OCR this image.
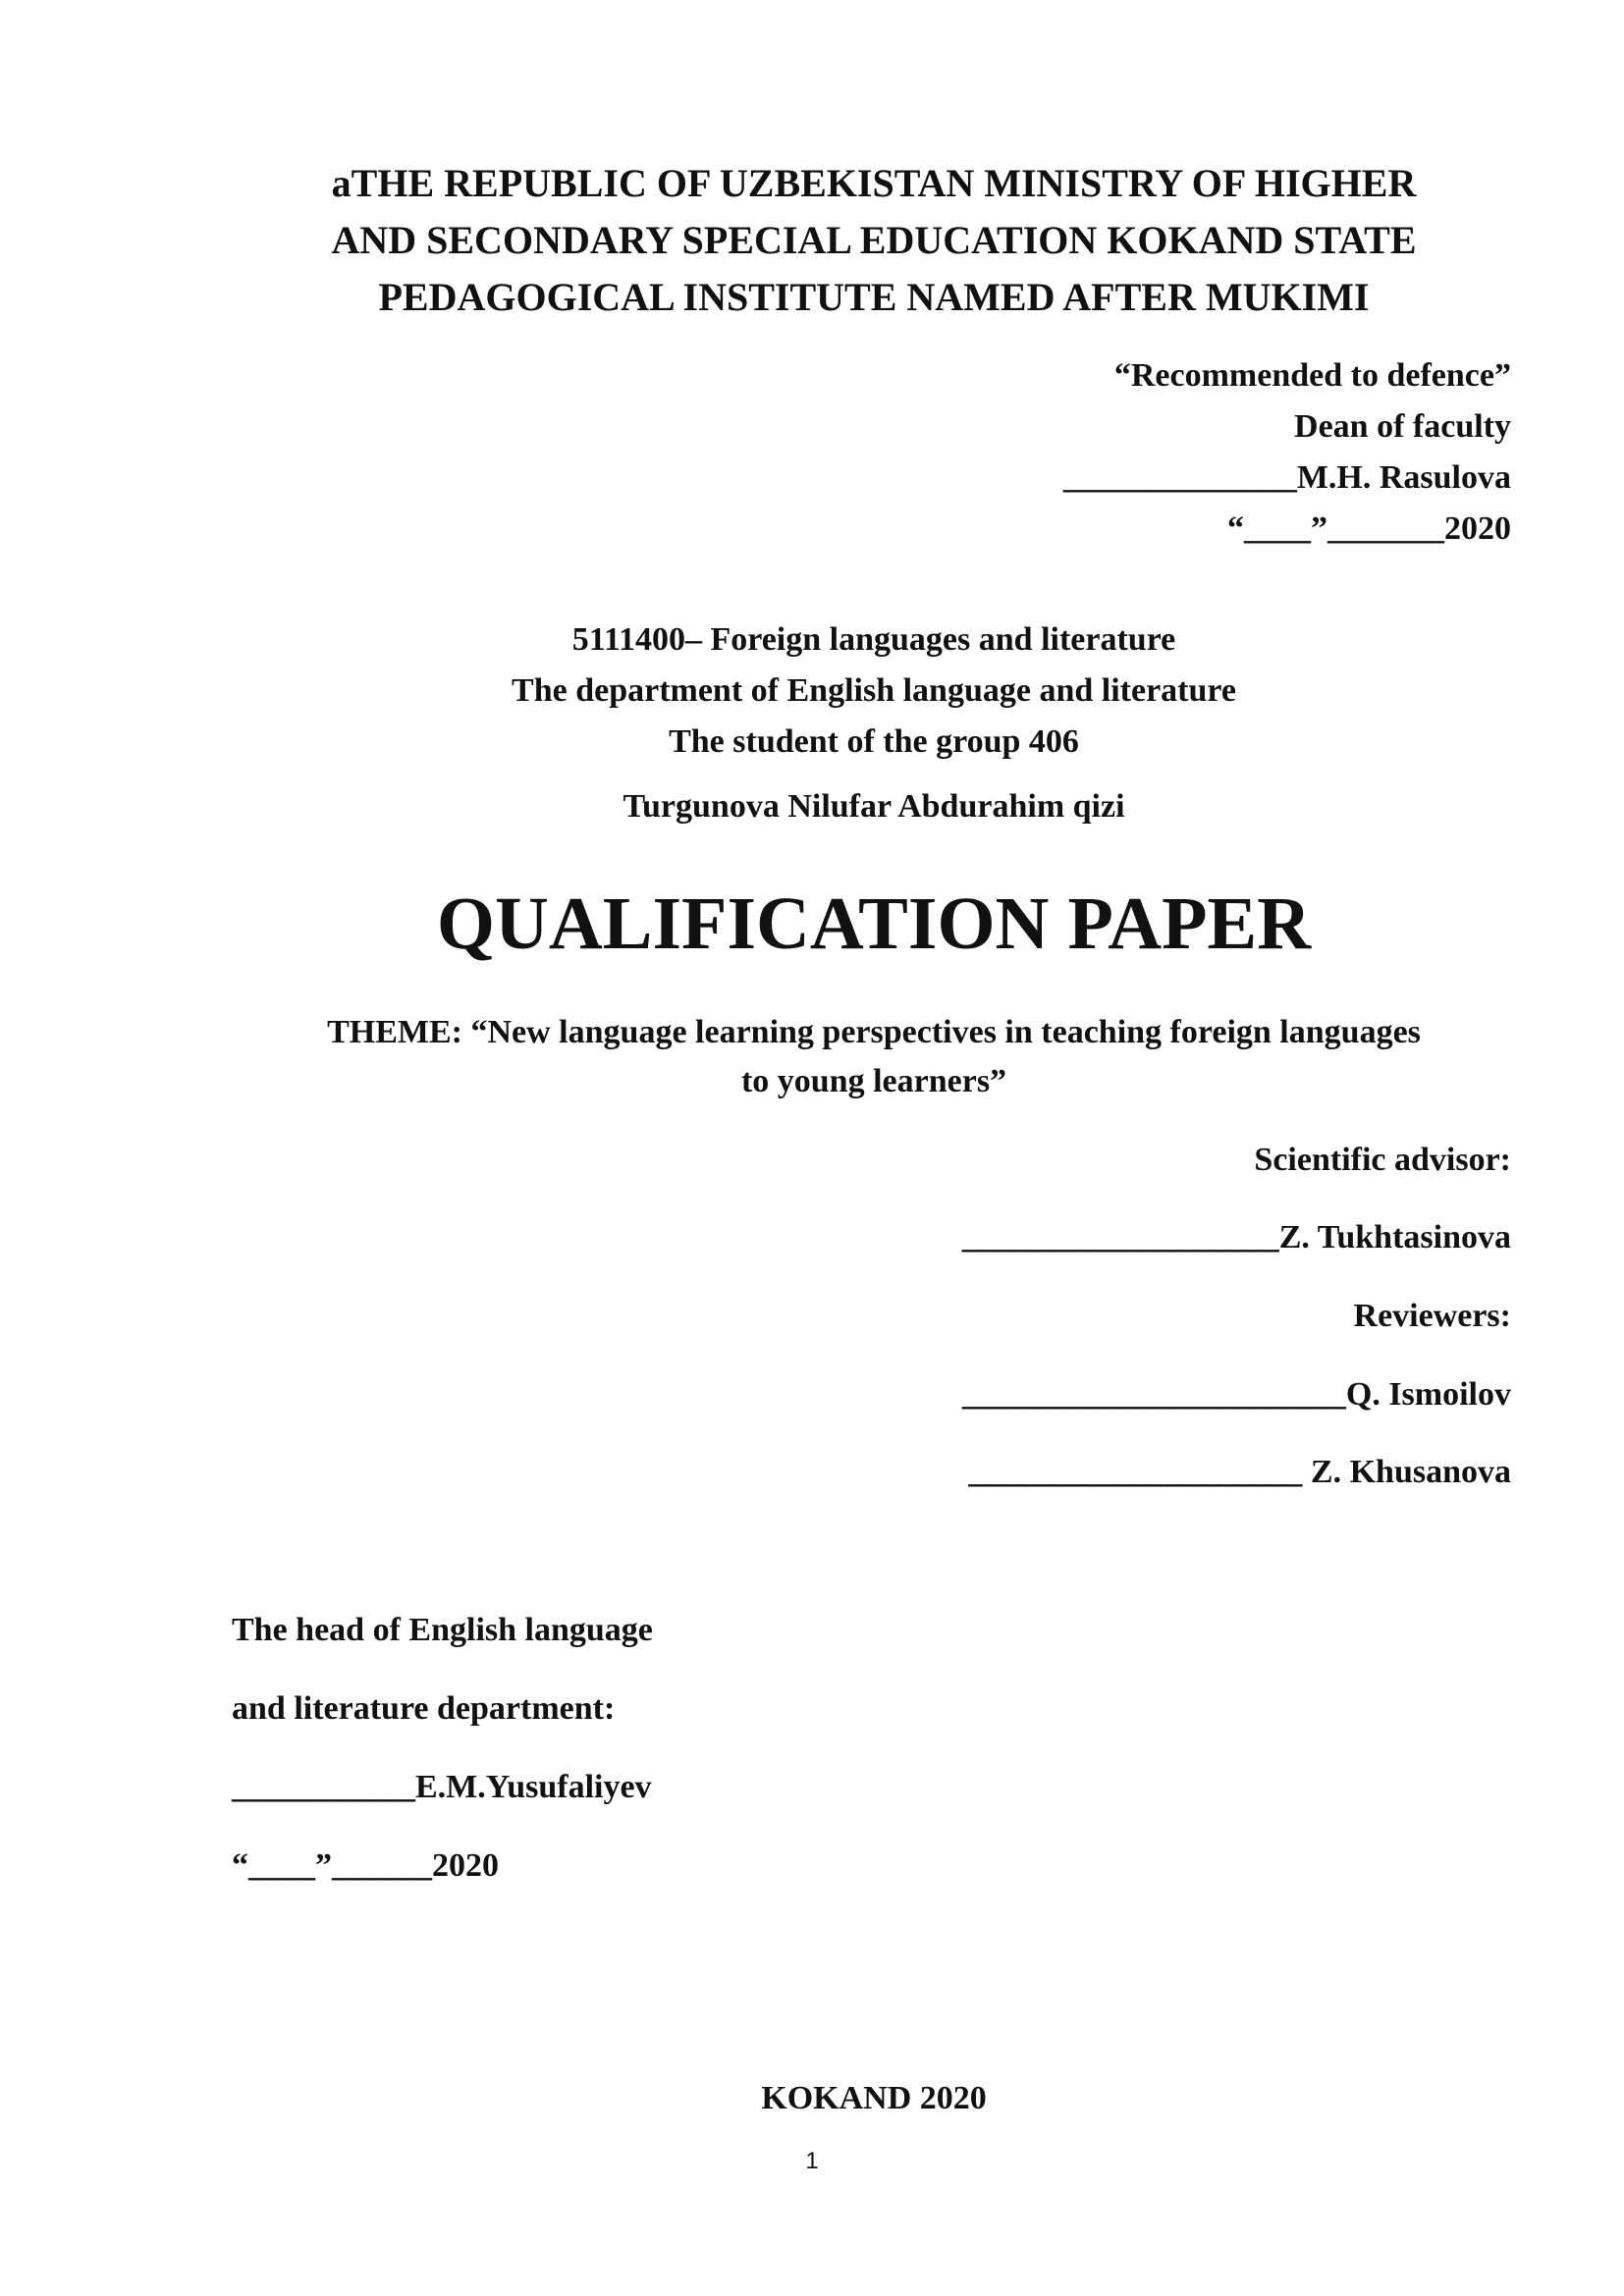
aTHE REPUBLIC OF UZBEKISTAN MINISTRY OF HIGHER
AND SECONDARY SPECIAL EDUCATION KOKAND STATE
PEDAGOGICAL INSTITUTE NAMED AFTER MUKIMI
“Recommended to defence”
Dean of faculty
______________M.H. Rasulova
“____”_______2020
5111400– Foreign languages and literature
The department of English language and literature
The student of the group 406
Turgunova Nilufar Abdurahim qizi
QUALIFICATION PAPER
THEME: “New language learning perspectives in teaching foreign languages
to young learners”
Scientific advisor:
___________________Z. Tukhtasinova
Reviewers:
_______________________Q. Ismoilov
____________________ Z. Khusanova
The head of English language
and literature department:
___________E.M.Yusufaliyev
“____”______2020
KOKAND 2020
1
